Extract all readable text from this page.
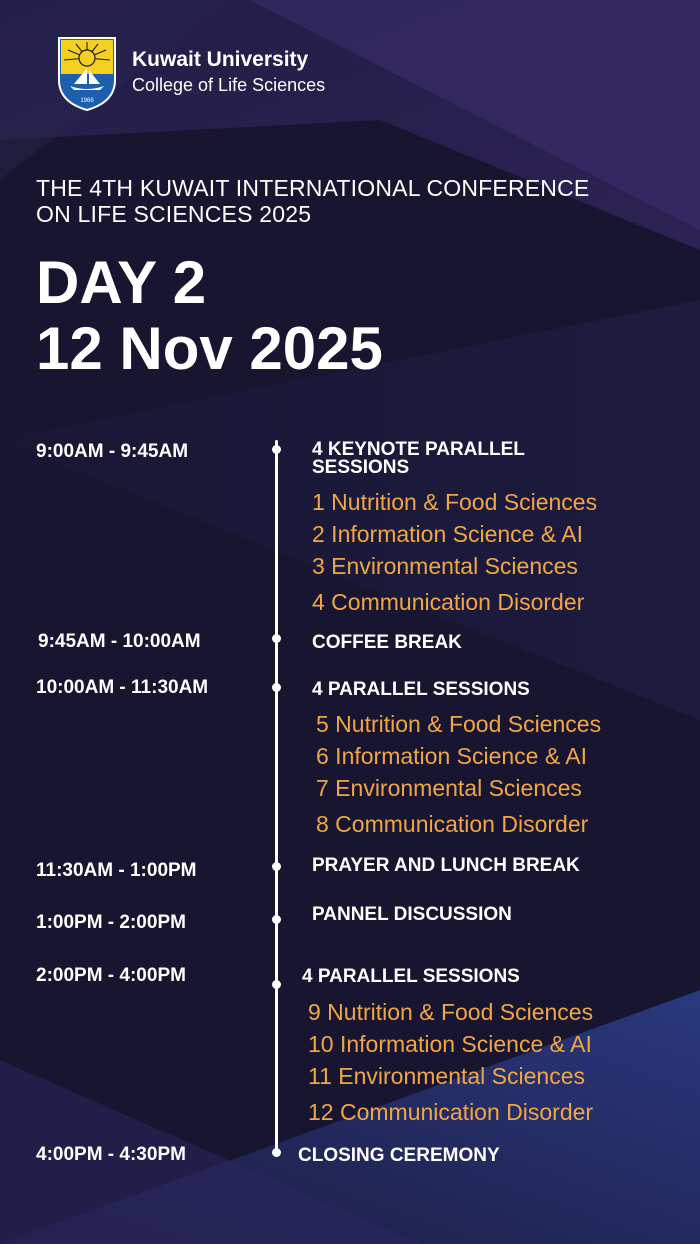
1966
Kuwait University
College of Life Sciences
THE 4TH KUWAIT INTERNATIONAL CONFERENCE
ON LIFE SCIENCES 2025
DAY 2
12 Nov 2025
9:00AM - 9:45AM	4 KEYNOTE PARALLEL
SESSIONS
1 Nutrition & Food Sciences
2 Information Science & AI
3 Environmental Sciences
4 Communication Disorder
9:45AM - 10:00AM	COFFEE BREAK
10:00AM - 11:30AM	4 PARALLEL SESSIONS
5 Nutrition & Food Sciences
6 Information Science & AI
7 Environmental Sciences
8 Communication Disorder
11:30AM - 1:00PM	PRAYER AND LUNCH BREAK
1:00PM - 2:00PM	PANNEL DISCUSSION
2:00PM - 4:00PM	4 PARALLEL SESSIONS
9 Nutrition & Food Sciences
10 Information Science & AI
11 Environmental Sciences
12 Communication Disorder
4:00PM - 4:30PM	CLOSING CEREMONY
